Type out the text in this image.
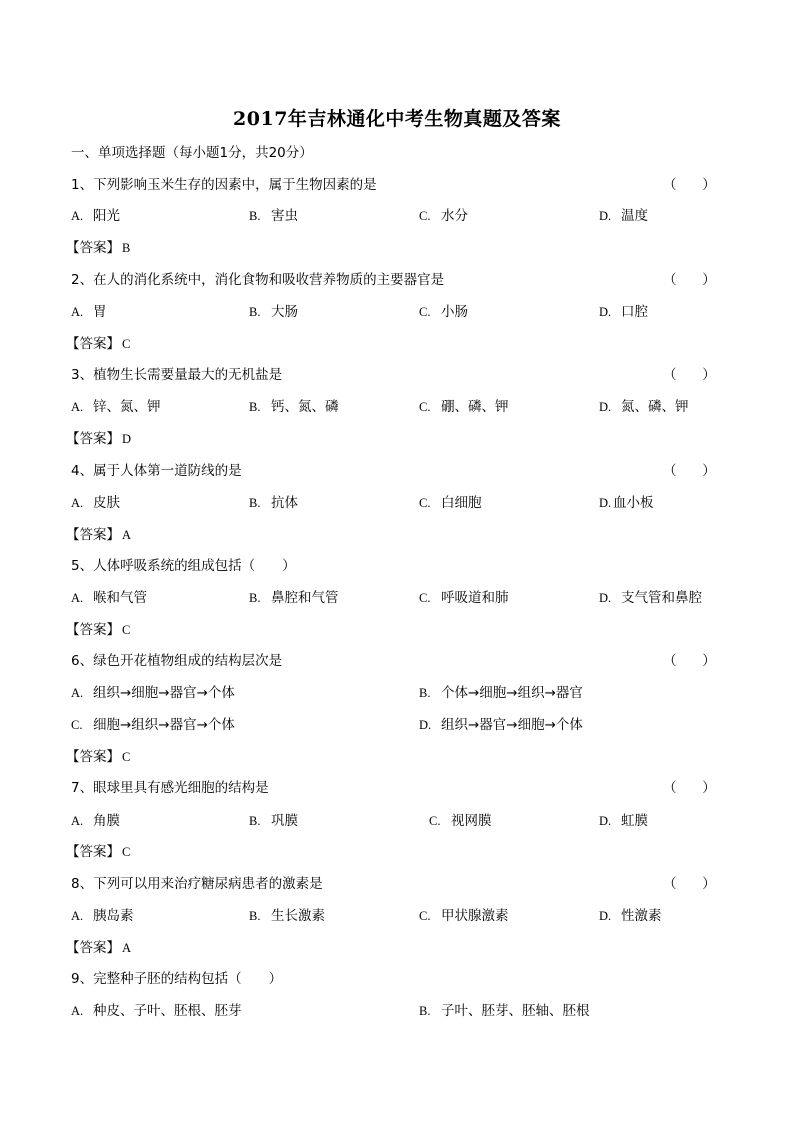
2017年吉林通化中考生物真题及答案
一、单项选择题（每小题1分，共20分）
1、下列影响玉米生存的因素中，属于生物因素的是	（      ）
A. 阳光	B. 害虫	C. 水分	D. 温度
【答案】 B
2、在人的消化系统中，消化食物和吸收营养物质的主要器官是	（      ）
A. 胃	B. 大肠	C. 小肠	D. 口腔
【答案】 C
3、植物生长需要量最大的无机盐是	（      ）
A. 锌、氮、钾	B. 钙、氮、磷	C. 硼、磷、钾	D. 氮、磷、钾
【答案】 D
4、属于人体第一道防线的是	（      ）
A. 皮肤	B. 抗体	C. 白细胞	D. 血小板
【答案】 A
5、人体呼吸系统的组成包括（　　）
A. 喉和气管	B. 鼻腔和气管	C. 呼吸道和肺	D. 支气管和鼻腔
【答案】 C
6、绿色开花植物组成的结构层次是	（      ）
A. 组织→细胞→器官→个体	B. 个体→细胞→组织→器官
C. 细胞→组织→器官→个体	D. 组织→器官→细胞→个体
【答案】 C
7、眼球里具有感光细胞的结构是	（      ）
A. 角膜	B. 巩膜	C. 视网膜	D. 虹膜
【答案】 C
8、下列可以用来治疗糖尿病患者的激素是	（      ）
A. 胰岛素	B. 生长激素	C. 甲状腺激素	D. 性激素
【答案】 A
9、完整种子胚的结构包括（　　）
A. 种皮、子叶、胚根、胚芽	B. 子叶、胚芽、胚轴、胚根
